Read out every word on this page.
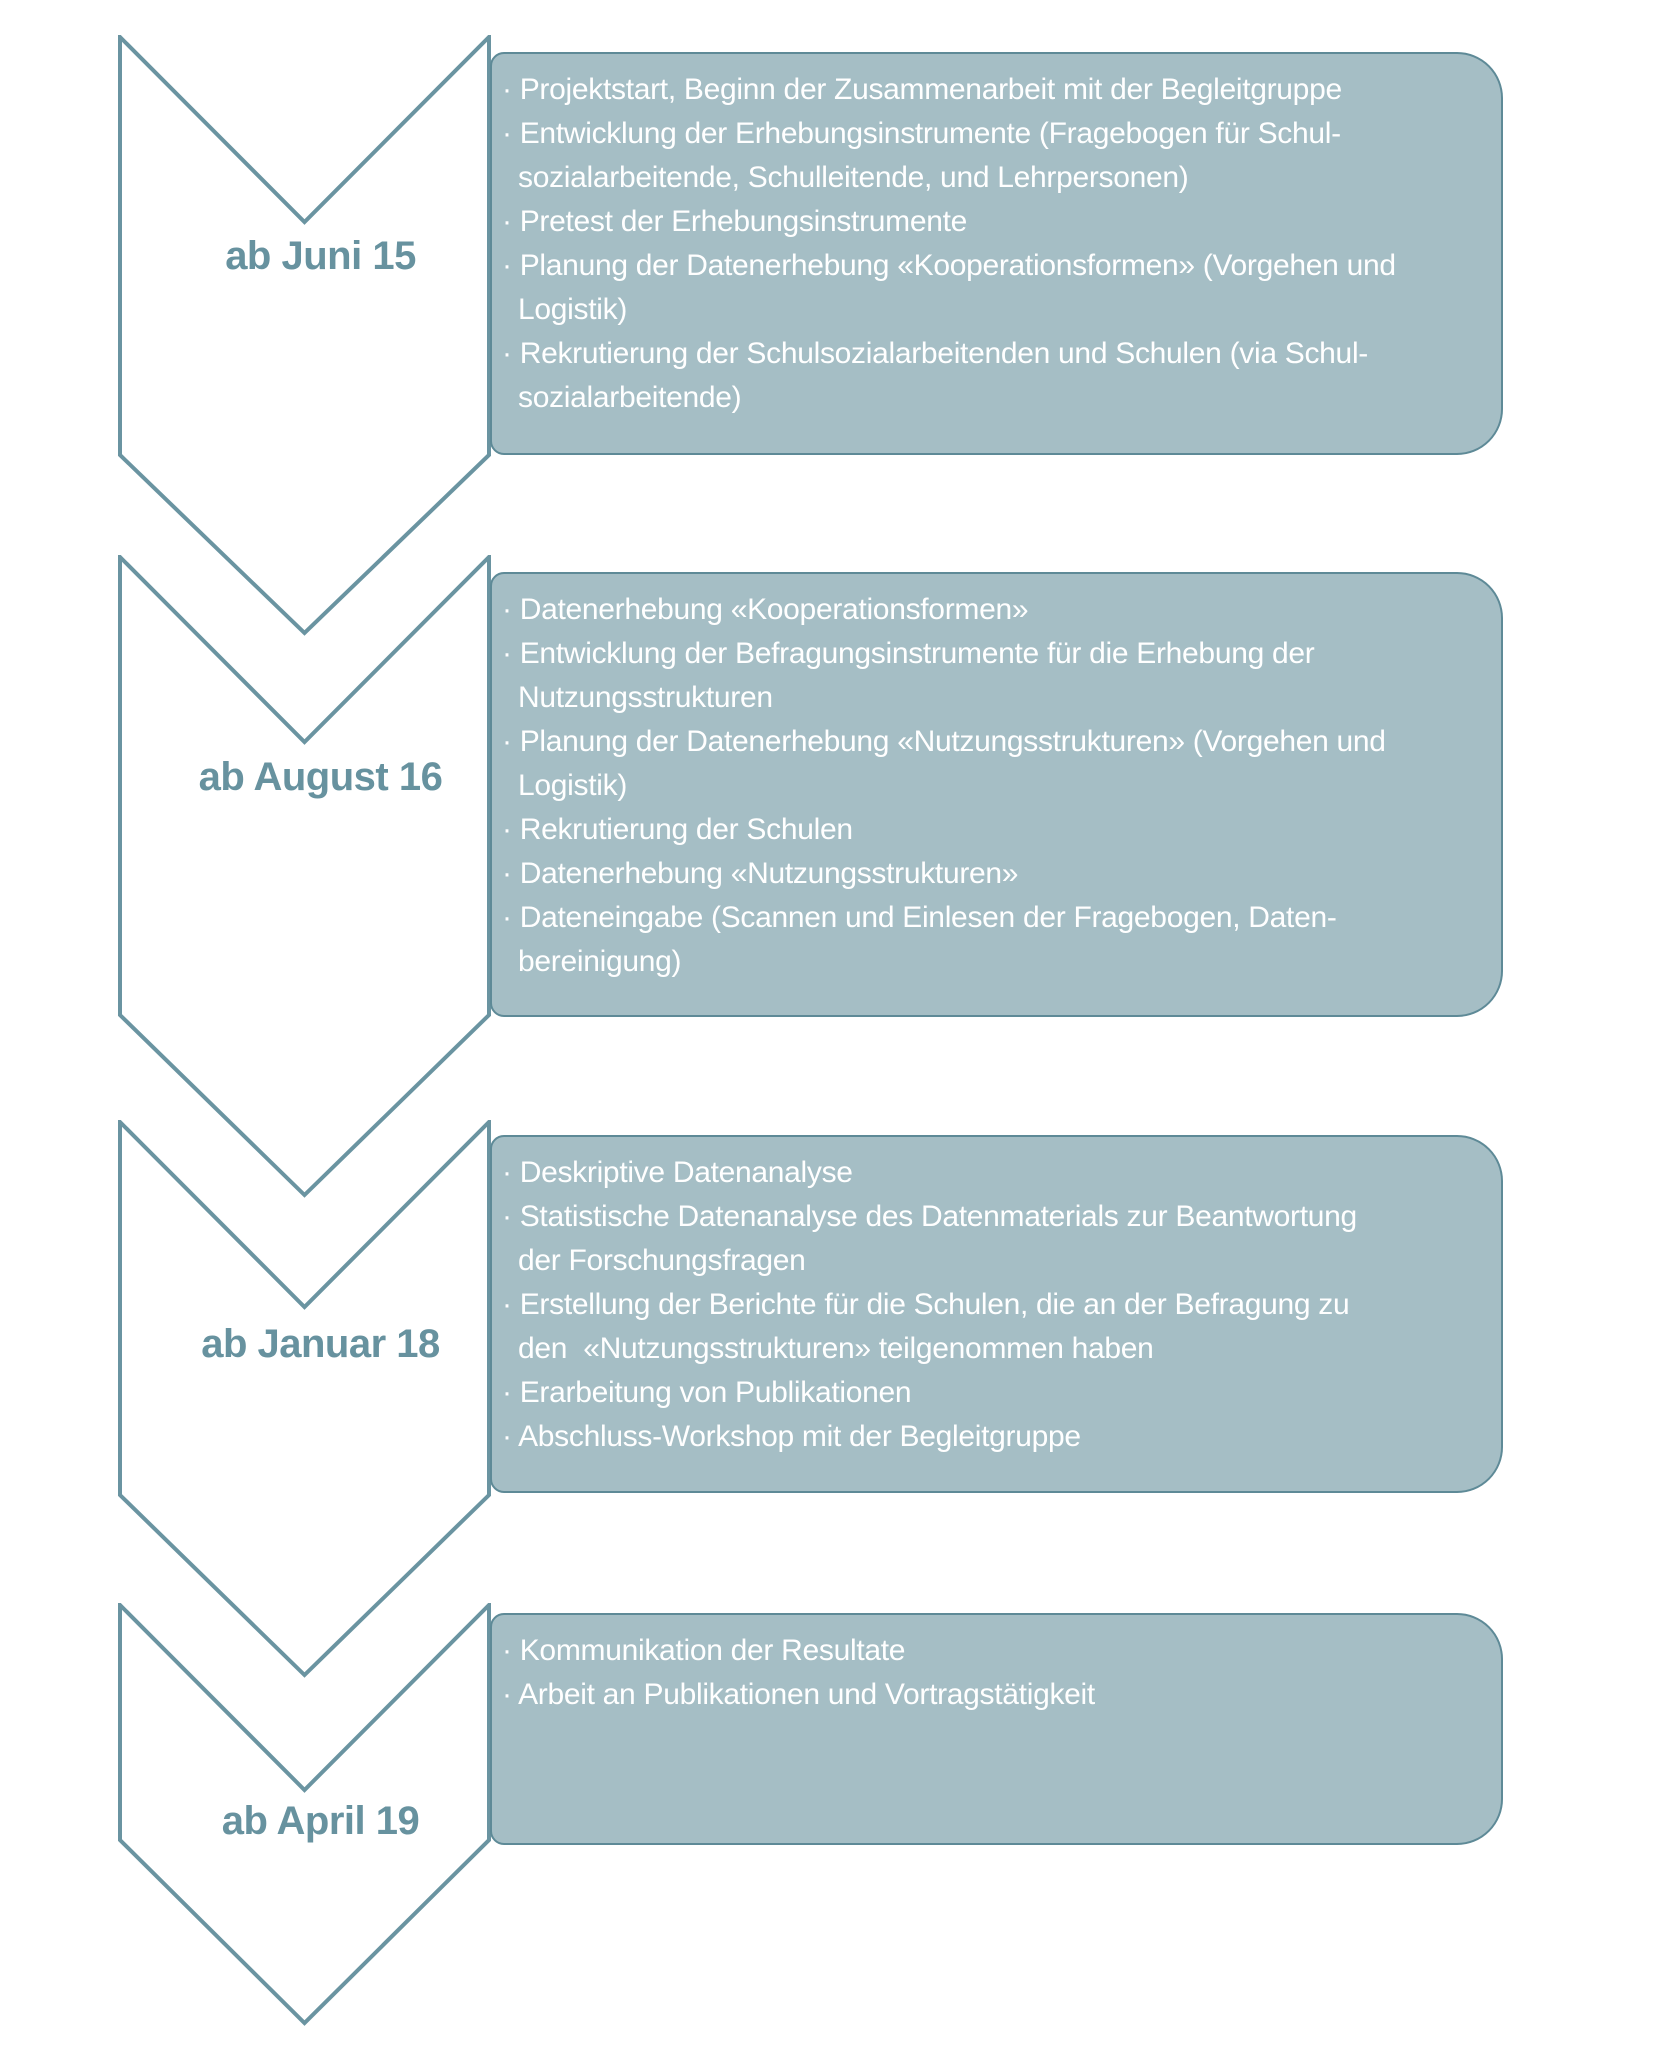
· Projektstart, Beginn der Zusammenarbeit mit der Begleitgruppe
· Entwicklung der Erhebungsinstrumente (Fragebogen für Schul-
sozialarbeitende, Schulleitende, und Lehrpersonen)
· Pretest der Erhebungsinstrumente
· Planung der Datenerhebung «Kooperationsformen» (Vorgehen und
Logistik)
· Rekrutierung der Schulsozialarbeitenden und Schulen (via Schul-
sozialarbeitende)
ab Juni 15
· Datenerhebung «Kooperationsformen»
· Entwicklung der Befragungsinstrumente für die Erhebung der
Nutzungsstrukturen
· Planung der Datenerhebung «Nutzungsstrukturen» (Vorgehen und
Logistik)
· Rekrutierung der Schulen
· Datenerhebung «Nutzungsstrukturen»
· Dateneingabe (Scannen und Einlesen der Fragebogen, Daten-
bereinigung)
ab August 16
· Deskriptive Datenanalyse
· Statistische Datenanalyse des Datenmaterials zur Beantwortung
der Forschungsfragen
· Erstellung der Berichte für die Schulen, die an der Befragung zu
den  «Nutzungsstrukturen» teilgenommen haben
· Erarbeitung von Publikationen
· Abschluss-Workshop mit der Begleitgruppe
ab Januar 18
· Kommunikation der Resultate
· Arbeit an Publikationen und Vortragstätigkeit
ab April 19
